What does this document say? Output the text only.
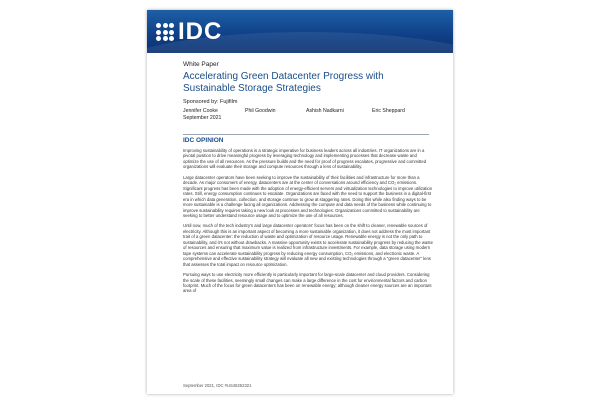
IDC
White Paper
Accelerating Green Datacenter Progress with Sustainable Storage Strategies
Sponsored by: Fujifilm
Jennifer Cooke	Phil Goodwin	Ashish Nadkarni	Eric Sheppard
September 2021
IDC OPINION

Improving sustainability of operations is a strategic imperative for business leaders across all industries. IT organizations are in a pivotal position to drive meaningful progress by leveraging technology and implementing processes that decrease waste and optimize the use of all resources. As the pressure builds and the need for proof of progress escalates, progressive and committed organizations will evaluate their storage and compute resources through a lens of sustainability.

Large datacenter operators have been seeking to improve the sustainability of their facilities and infrastructure for more than a decade. As major consumers of energy, datacenters are at the center of conversations around efficiency and CO₂ emissions. Significant progress has been made with the adoption of energy-efficient servers and virtualization technologies to improve utilization rates. Still, energy consumption continues to escalate. Organizations are faced with the need to support the business in a digital-first era in which data generation, collection, and storage continue to grow at staggering rates. Doing this while also finding ways to be more sustainable is a challenge facing all organizations. Addressing the compute and data needs of the business while continuing to improve sustainability requires taking a new look at processes and technologies. Organizations committed to sustainability are seeking to better understand resource usage and to optimize the use of all resources.

Until now, much of the tech industry's and large datacenter operators' focus has been on the shift to cleaner, renewable sources of electricity. Although this is an important aspect of becoming a more sustainable organization, it does not address the most important trait of a green datacenter: the reduction of waste and optimization of resource usage. Renewable energy is not the only path to sustainability, and it's not without drawbacks. A massive opportunity exists to accelerate sustainability progress by reducing the waste of resources and ensuring that maximum value is realized from infrastructure investments. For example, data storage using modern tape systems can accelerate sustainability progress by reducing energy consumption, CO₂ emissions, and electronic waste. A comprehensive and effective sustainability strategy will evaluate all new and existing technologies through a "green datacenter" lens that assesses the total impact on resource optimization.

Pursuing ways to use electricity more efficiently is particularly important for large-scale datacenter and cloud providers. Considering the scale of these facilities, seemingly small changes can make a large difference in the cost for environmental factors and carbon footprint. Much of the focus for green datacenters has been on renewable energy; although cleaner energy sources are an important area of

September 2021, IDC #US48252321
